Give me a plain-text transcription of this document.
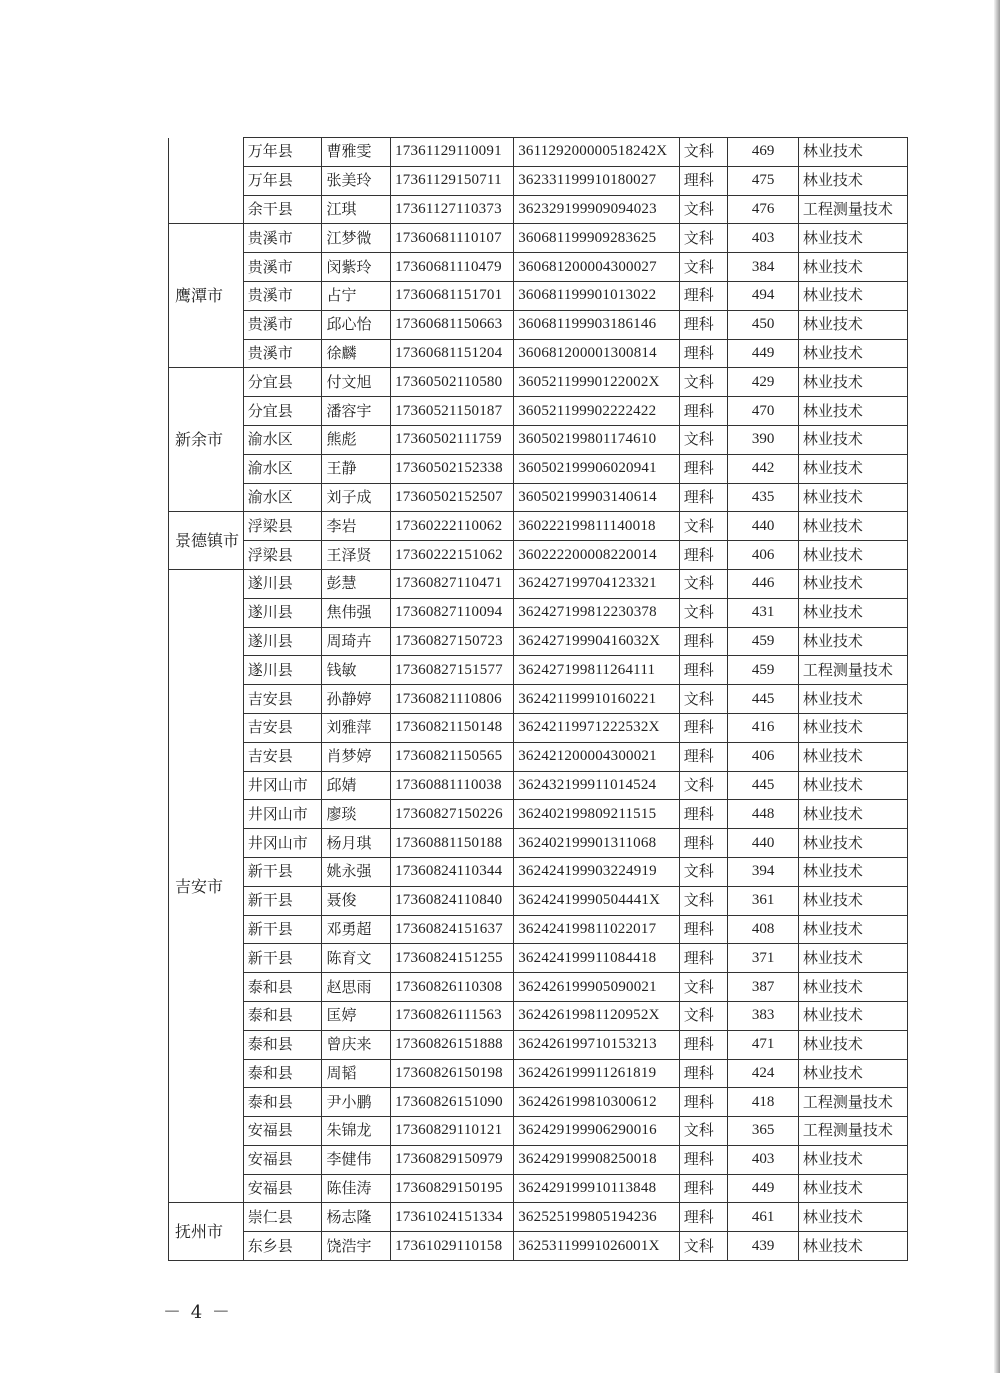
	万年县	曹雅雯	17361129110091	361129200000518242X	文科	469	林业技术
	万年县	张美玲	17361129150711	362331199910180027	理科	475	林业技术
	余干县	江琪	17361127110373	362329199909094023	文科	476	工程测量技术
鹰潭市	贵溪市	江梦微	17360681110107	360681199909283625	文科	403	林业技术
	贵溪市	闵紫玲	17360681110479	360681200004300027	文科	384	林业技术
	贵溪市	占宁	17360681151701	360681199901013022	理科	494	林业技术
	贵溪市	邱心怡	17360681150663	360681199903186146	理科	450	林业技术
	贵溪市	徐麟	17360681151204	360681200001300814	理科	449	林业技术
新余市	分宜县	付文旭	17360502110580	36052119990122002X	文科	429	林业技术
	分宜县	潘容宇	17360521150187	360521199902222422	理科	470	林业技术
	渝水区	熊彪	17360502111759	360502199801174610	文科	390	林业技术
	渝水区	王静	17360502152338	360502199906020941	理科	442	林业技术
	渝水区	刘子成	17360502152507	360502199903140614	理科	435	林业技术
景德镇市	浮梁县	李岩	17360222110062	360222199811140018	文科	440	林业技术
	浮梁县	王泽贤	17360222151062	360222200008220014	理科	406	林业技术
吉安市	遂川县	彭慧	17360827110471	362427199704123321	文科	446	林业技术
	遂川县	焦伟强	17360827110094	362427199812230378	文科	431	林业技术
	遂川县	周琦卉	17360827150723	36242719990416032X	理科	459	林业技术
	遂川县	钱敏	17360827151577	362427199811264111	理科	459	工程测量技术
	吉安县	孙静婷	17360821110806	362421199910160221	文科	445	林业技术
	吉安县	刘雅萍	17360821150148	36242119971222532X	理科	416	林业技术
	吉安县	肖梦婷	17360821150565	362421200004300021	理科	406	林业技术
	井冈山市	邱婧	17360881110038	362432199911014524	文科	445	林业技术
	井冈山市	廖琰	17360827150226	362402199809211515	理科	448	林业技术
	井冈山市	杨月琪	17360881150188	362402199901311068	理科	440	林业技术
	新干县	姚永强	17360824110344	362424199903224919	文科	394	林业技术
	新干县	聂俊	17360824110840	36242419990504441X	文科	361	林业技术
	新干县	邓勇超	17360824151637	362424199811022017	理科	408	林业技术
	新干县	陈育文	17360824151255	362424199911084418	理科	371	林业技术
	泰和县	赵思雨	17360826110308	362426199905090021	文科	387	林业技术
	泰和县	匡婷	17360826111563	36242619981120952X	文科	383	林业技术
	泰和县	曾庆来	17360826151888	362426199710153213	理科	471	林业技术
	泰和县	周韬	17360826150198	362426199911261819	理科	424	林业技术
	泰和县	尹小鹏	17360826151090	362426199810300612	理科	418	工程测量技术
	安福县	朱锦龙	17360829110121	362429199906290016	文科	365	工程测量技术
	安福县	李健伟	17360829150979	362429199908250018	理科	403	林业技术
	安福县	陈佳涛	17360829150195	362429199910113848	理科	449	林业技术
抚州市	崇仁县	杨志隆	17361024151334	362525199805194236	理科	461	林业技术
	东乡县	饶浩宇	17361029110158	36253119991026001X	文科	439	林业技术
－ 4 －
